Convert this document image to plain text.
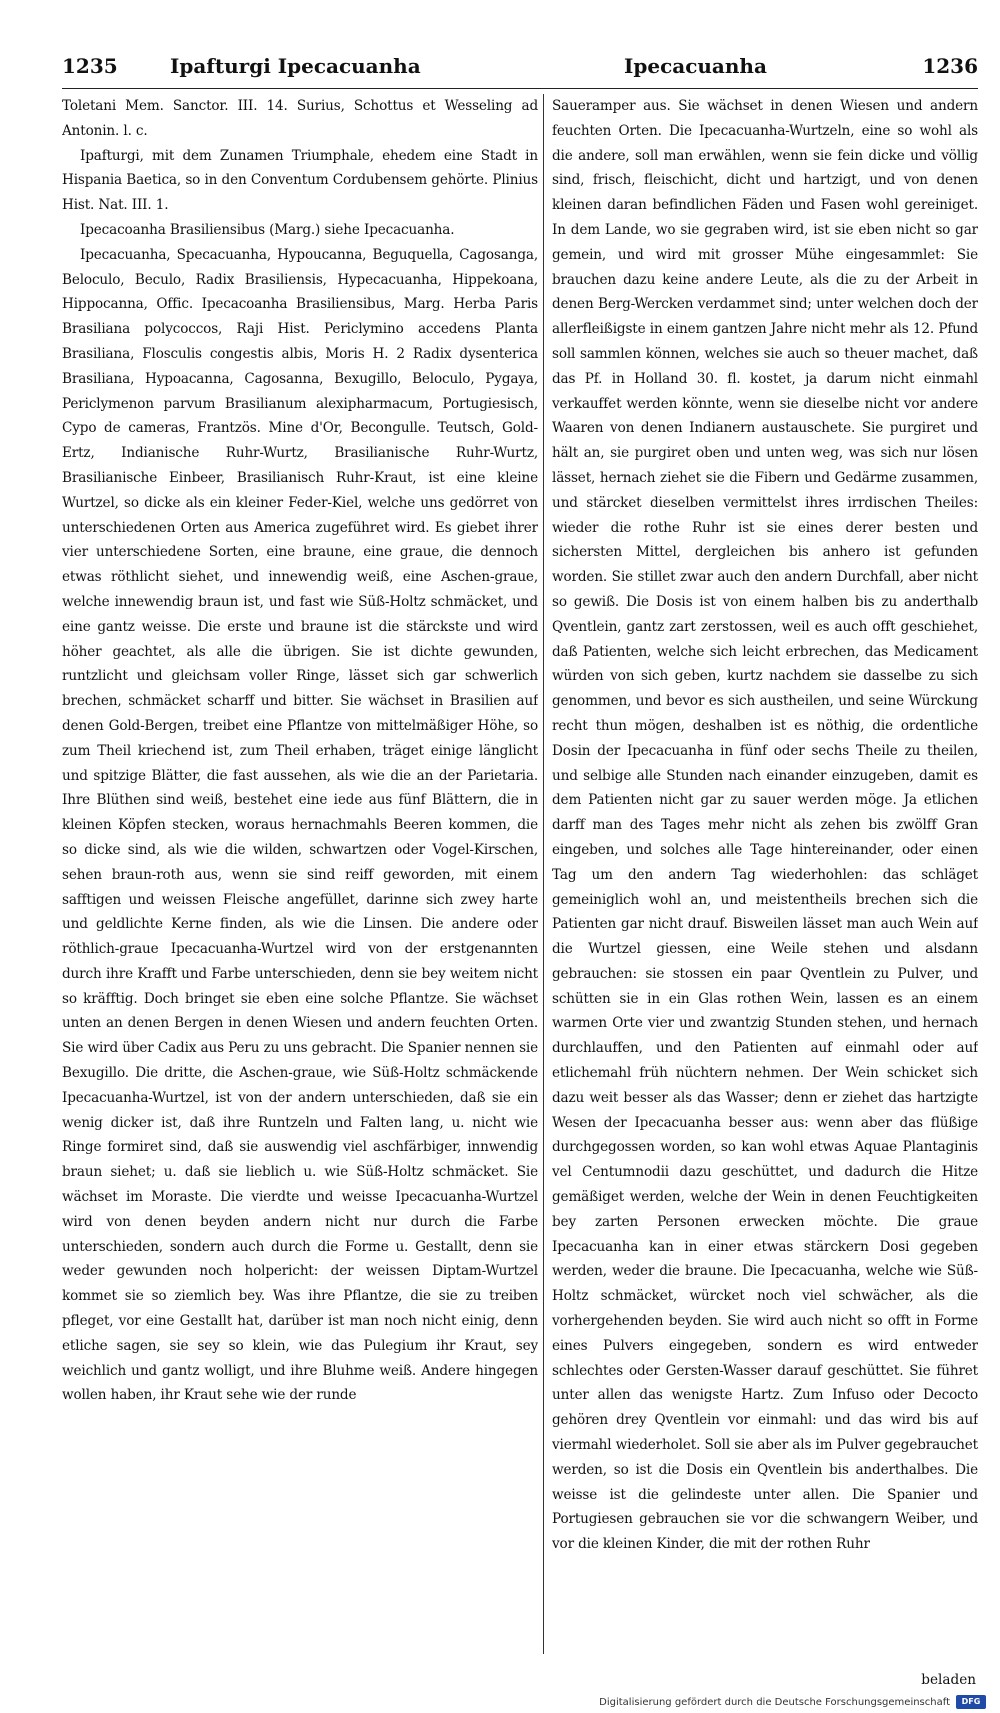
1235	Ipafturgi Ipecacuanha	Ipecacuanha	1236

Toletani Mem. Sanctor. III. 14. Surius, Schottus et Wesseling ad Antonin. l. c.

Ipafturgi, mit dem Zunamen Triumphale, ehedem eine Stadt in Hispania Baetica, so in den Conventum Cordubensem gehörte. Plinius Hist. Nat. III. 1.

Ipecacoanha Brasiliensibus (Marg.) siehe Ipecacuanha.

Ipecacuanha, Specacuanha, Hypoucanna, Beguquella, Cagosanga, Beloculo, Beculo, Radix Brasiliensis, Hypecacuanha, Hippekoana, Hippocanna, Offic. Ipecacoanha Brasiliensibus, Marg. Herba Paris Brasiliana polycoccos, Raji Hist. Periclymino accedens Planta Brasiliana, Flosculis congestis albis, Moris H. 2 Radix dysenterica Brasiliana, Hypoacanna, Cagosanna, Bexugillo, Beloculo, Pygaya, Periclymenon parvum Brasilianum alexipharmacum, Portugiesisch, Cypo de cameras, Frantzös. Mine d'Or, Becongulle. Teutsch, Gold-Ertz, Indianische Ruhr-Wurtz, Brasilianische Ruhr-Wurtz, Brasilianische Einbeer, Brasilianisch Ruhr-Kraut, ist eine kleine Wurtzel, so dicke als ein kleiner Feder-Kiel, welche uns gedörret von unterschiedenen Orten aus America zugeführet wird. Es giebet ihrer vier unterschiedene Sorten, eine braune, eine graue, die dennoch etwas röthlicht siehet, und innewendig weiß, eine Aschen-graue, welche innewendig braun ist, und fast wie Süß-Holtz schmäcket, und eine gantz weisse. Die erste und braune ist die stärckste und wird höher geachtet, als alle die übrigen. Sie ist dichte gewunden, runtzlicht und gleichsam voller Ringe, lässet sich gar schwerlich brechen, schmäcket scharff und bitter. Sie wächset in Brasilien auf denen Gold-Bergen, treibet eine Pflantze von mittelmäßiger Höhe, so zum Theil kriechend ist, zum Theil erhaben, träget einige länglicht und spitzige Blätter, die fast aussehen, als wie die an der Parietaria. Ihre Blüthen sind weiß, bestehet eine iede aus fünf Blättern, die in kleinen Köpfen stecken, woraus hernachmahls Beeren kommen, die so dicke sind, als wie die wilden, schwartzen oder Vogel-Kirschen, sehen braun-roth aus, wenn sie sind reiff geworden, mit einem safftigen und weissen Fleische angefüllet, darinne sich zwey harte und geldlichte Kerne finden, als wie die Linsen. Die andere oder röthlich-graue Ipecacuanha-Wurtzel wird von der erstgenannten durch ihre Krafft und Farbe unterschieden, denn sie bey weitem nicht so kräfftig. Doch bringet sie eben eine solche Pflantze. Sie wächset unten an denen Bergen in denen Wiesen und andern feuchten Orten. Sie wird über Cadix aus Peru zu uns gebracht. Die Spanier nennen sie Bexugillo. Die dritte, die Aschen-graue, wie Süß-Holtz schmäckende Ipecacuanha-Wurtzel, ist von der andern unterschieden, daß sie ein wenig dicker ist, daß ihre Runtzeln und Falten lang, u. nicht wie Ringe formiret sind, daß sie auswendig viel aschfärbiger, innwendig braun siehet; u. daß sie lieblich u. wie Süß-Holtz schmäcket. Sie wächset im Moraste. Die vierdte und weisse Ipecacuanha-Wurtzel wird von denen beyden andern nicht nur durch die Farbe unterschieden, sondern auch durch die Forme u. Gestallt, denn sie weder gewunden noch holpericht: der weissen Diptam-Wurtzel kommet sie so ziemlich bey. Was ihre Pflantze, die sie zu treiben pfleget, vor eine Gestallt hat, darüber ist man noch nicht einig, denn etliche sagen, sie sey so klein, wie das Pulegium ihr Kraut, sey weichlich und gantz wolligt, und ihre Bluhme weiß. Andere hingegen wollen haben, ihr Kraut sehe wie der runde

Saueramper aus. Sie wächset in denen Wiesen und andern feuchten Orten. Die Ipecacuanha-Wurtzeln, eine so wohl als die andere, soll man erwählen, wenn sie fein dicke und völlig sind, frisch, fleischicht, dicht und hartzigt, und von denen kleinen daran befindlichen Fäden und Fasen wohl gereiniget. In dem Lande, wo sie gegraben wird, ist sie eben nicht so gar gemein, und wird mit grosser Mühe eingesammlet: Sie brauchen dazu keine andere Leute, als die zu der Arbeit in denen Berg-Wercken verdammet sind; unter welchen doch der allerfleißigste in einem gantzen Jahre nicht mehr als 12. Pfund soll sammlen können, welches sie auch so theuer machet, daß das Pf. in Holland 30. fl. kostet, ja darum nicht einmahl verkauffet werden könnte, wenn sie dieselbe nicht vor andere Waaren von denen Indianern austauschete. Sie purgiret und hält an, sie purgiret oben und unten weg, was sich nur lösen lässet, hernach ziehet sie die Fibern und Gedärme zusammen, und stärcket dieselben vermittelst ihres irrdischen Theiles: wieder die rothe Ruhr ist sie eines derer besten und sichersten Mittel, dergleichen bis anhero ist gefunden worden. Sie stillet zwar auch den andern Durchfall, aber nicht so gewiß. Die Dosis ist von einem halben bis zu anderthalb Qventlein, gantz zart zerstossen, weil es auch offt geschiehet, daß Patienten, welche sich leicht erbrechen, das Medicament würden von sich geben, kurtz nachdem sie dasselbe zu sich genommen, und bevor es sich austheilen, und seine Würckung recht thun mögen, deshalben ist es nöthig, die ordentliche Dosin der Ipecacuanha in fünf oder sechs Theile zu theilen, und selbige alle Stunden nach einander einzugeben, damit es dem Patienten nicht gar zu sauer werden möge. Ja etlichen darff man des Tages mehr nicht als zehen bis zwölff Gran eingeben, und solches alle Tage hintereinander, oder einen Tag um den andern Tag wiederhohlen: das schläget gemeiniglich wohl an, und meistentheils brechen sich die Patienten gar nicht drauf. Bisweilen lässet man auch Wein auf die Wurtzel giessen, eine Weile stehen und alsdann gebrauchen: sie stossen ein paar Qventlein zu Pulver, und schütten sie in ein Glas rothen Wein, lassen es an einem warmen Orte vier und zwantzig Stunden stehen, und hernach durchlauffen, und den Patienten auf einmahl oder auf etlichemahl früh nüchtern nehmen. Der Wein schicket sich dazu weit besser als das Wasser; denn er ziehet das hartzigte Wesen der Ipecacuanha besser aus: wenn aber das flüßige durchgegossen worden, so kan wohl etwas Aquae Plantaginis vel Centumnodii dazu geschüttet, und dadurch die Hitze gemäßiget werden, welche der Wein in denen Feuchtigkeiten bey zarten Personen erwecken möchte. Die graue Ipecacuanha kan in einer etwas stärckern Dosi gegeben werden, weder die braune. Die Ipecacuanha, welche wie Süß-Holtz schmäcket, würcket noch viel schwächer, als die vorhergehenden beyden. Sie wird auch nicht so offt in Forme eines Pulvers eingegeben, sondern es wird entweder schlechtes oder Gersten-Wasser darauf geschüttet. Sie führet unter allen das wenigste Hartz. Zum Infuso oder Decocto gehören drey Qventlein vor einmahl: und das wird bis auf viermahl wiederholet. Soll sie aber als im Pulver gegebrauchet werden, so ist die Dosis ein Qventlein bis anderthalbes. Die weisse ist die gelindeste unter allen. Die Spanier und Portugiesen gebrauchen sie vor die schwangern Weiber, und vor die kleinen Kinder, die mit der rothen Ruhr

beladen
Digitalisierung gefördert durch die Deutsche Forschungsgemeinschaft	DFG
